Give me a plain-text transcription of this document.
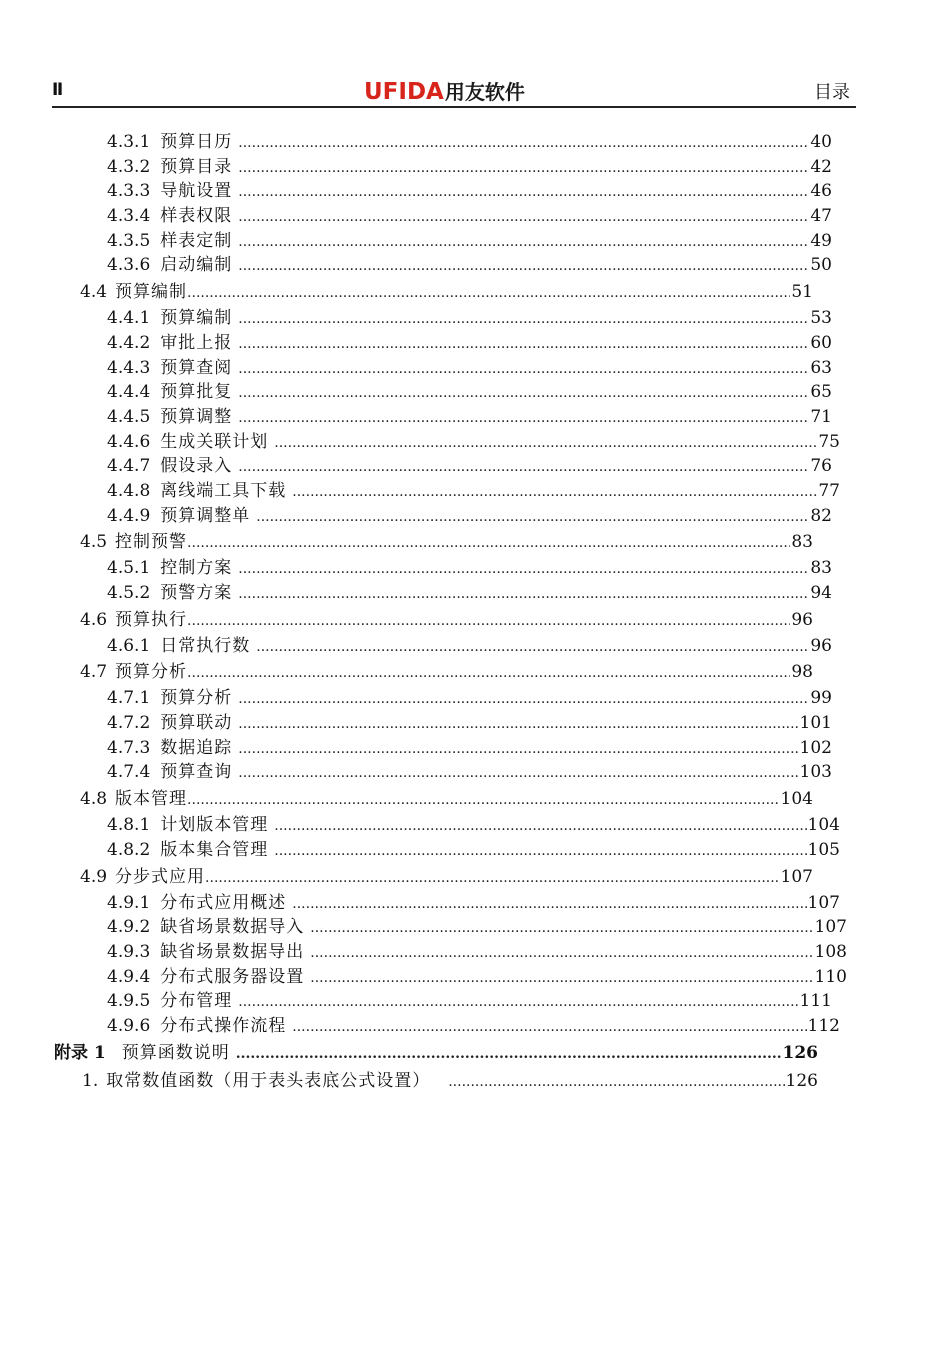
Ⅱ	UFIDA用友软件	目录
4.3.1 预算日历 .....	40
4.3.2 预算目录 .....	42
4.3.3 导航设置 .....	46
4.3.4 样表权限 .....	47
4.3.5 样表定制 .....	49
4.3.6 启动编制 .....	50
4.4 预算编制 .....	51
4.4.1 预算编制 .....	53
4.4.2 审批上报 .....	60
4.4.3 预算查阅 .....	63
4.4.4 预算批复 .....	65
4.4.5 预算调整 .....	71
4.4.6 生成关联计划 .....	75
4.4.7 假设录入 .....	76
4.4.8 离线端工具下载 .....	77
4.4.9 预算调整单 .....	82
4.5 控制预警 .....	83
4.5.1 控制方案 .....	83
4.5.2 预警方案 .....	94
4.6 预算执行 .....	96
4.6.1 日常执行数 .....	96
4.7 预算分析 .....	98
4.7.1 预算分析 .....	99
4.7.2 预算联动 .....	101
4.7.3 数据追踪 .....	102
4.7.4 预算查询 .....	103
4.8 版本管理 .....	104
4.8.1 计划版本管理 .....	104
4.8.2 版本集合管理 .....	105
4.9 分步式应用 .....	107
4.9.1 分布式应用概述 .....	107
4.9.2 缺省场景数据导入 .....	107
4.9.3 缺省场景数据导出 .....	108
4.9.4 分布式服务器设置 .....	110
4.9.5 分布管理 .....	111
4.9.6 分布式操作流程 .....	112
附录 1 预算函数说明 .....	126
1. 取常数值函数（用于表头表底公式设置） .....	126
